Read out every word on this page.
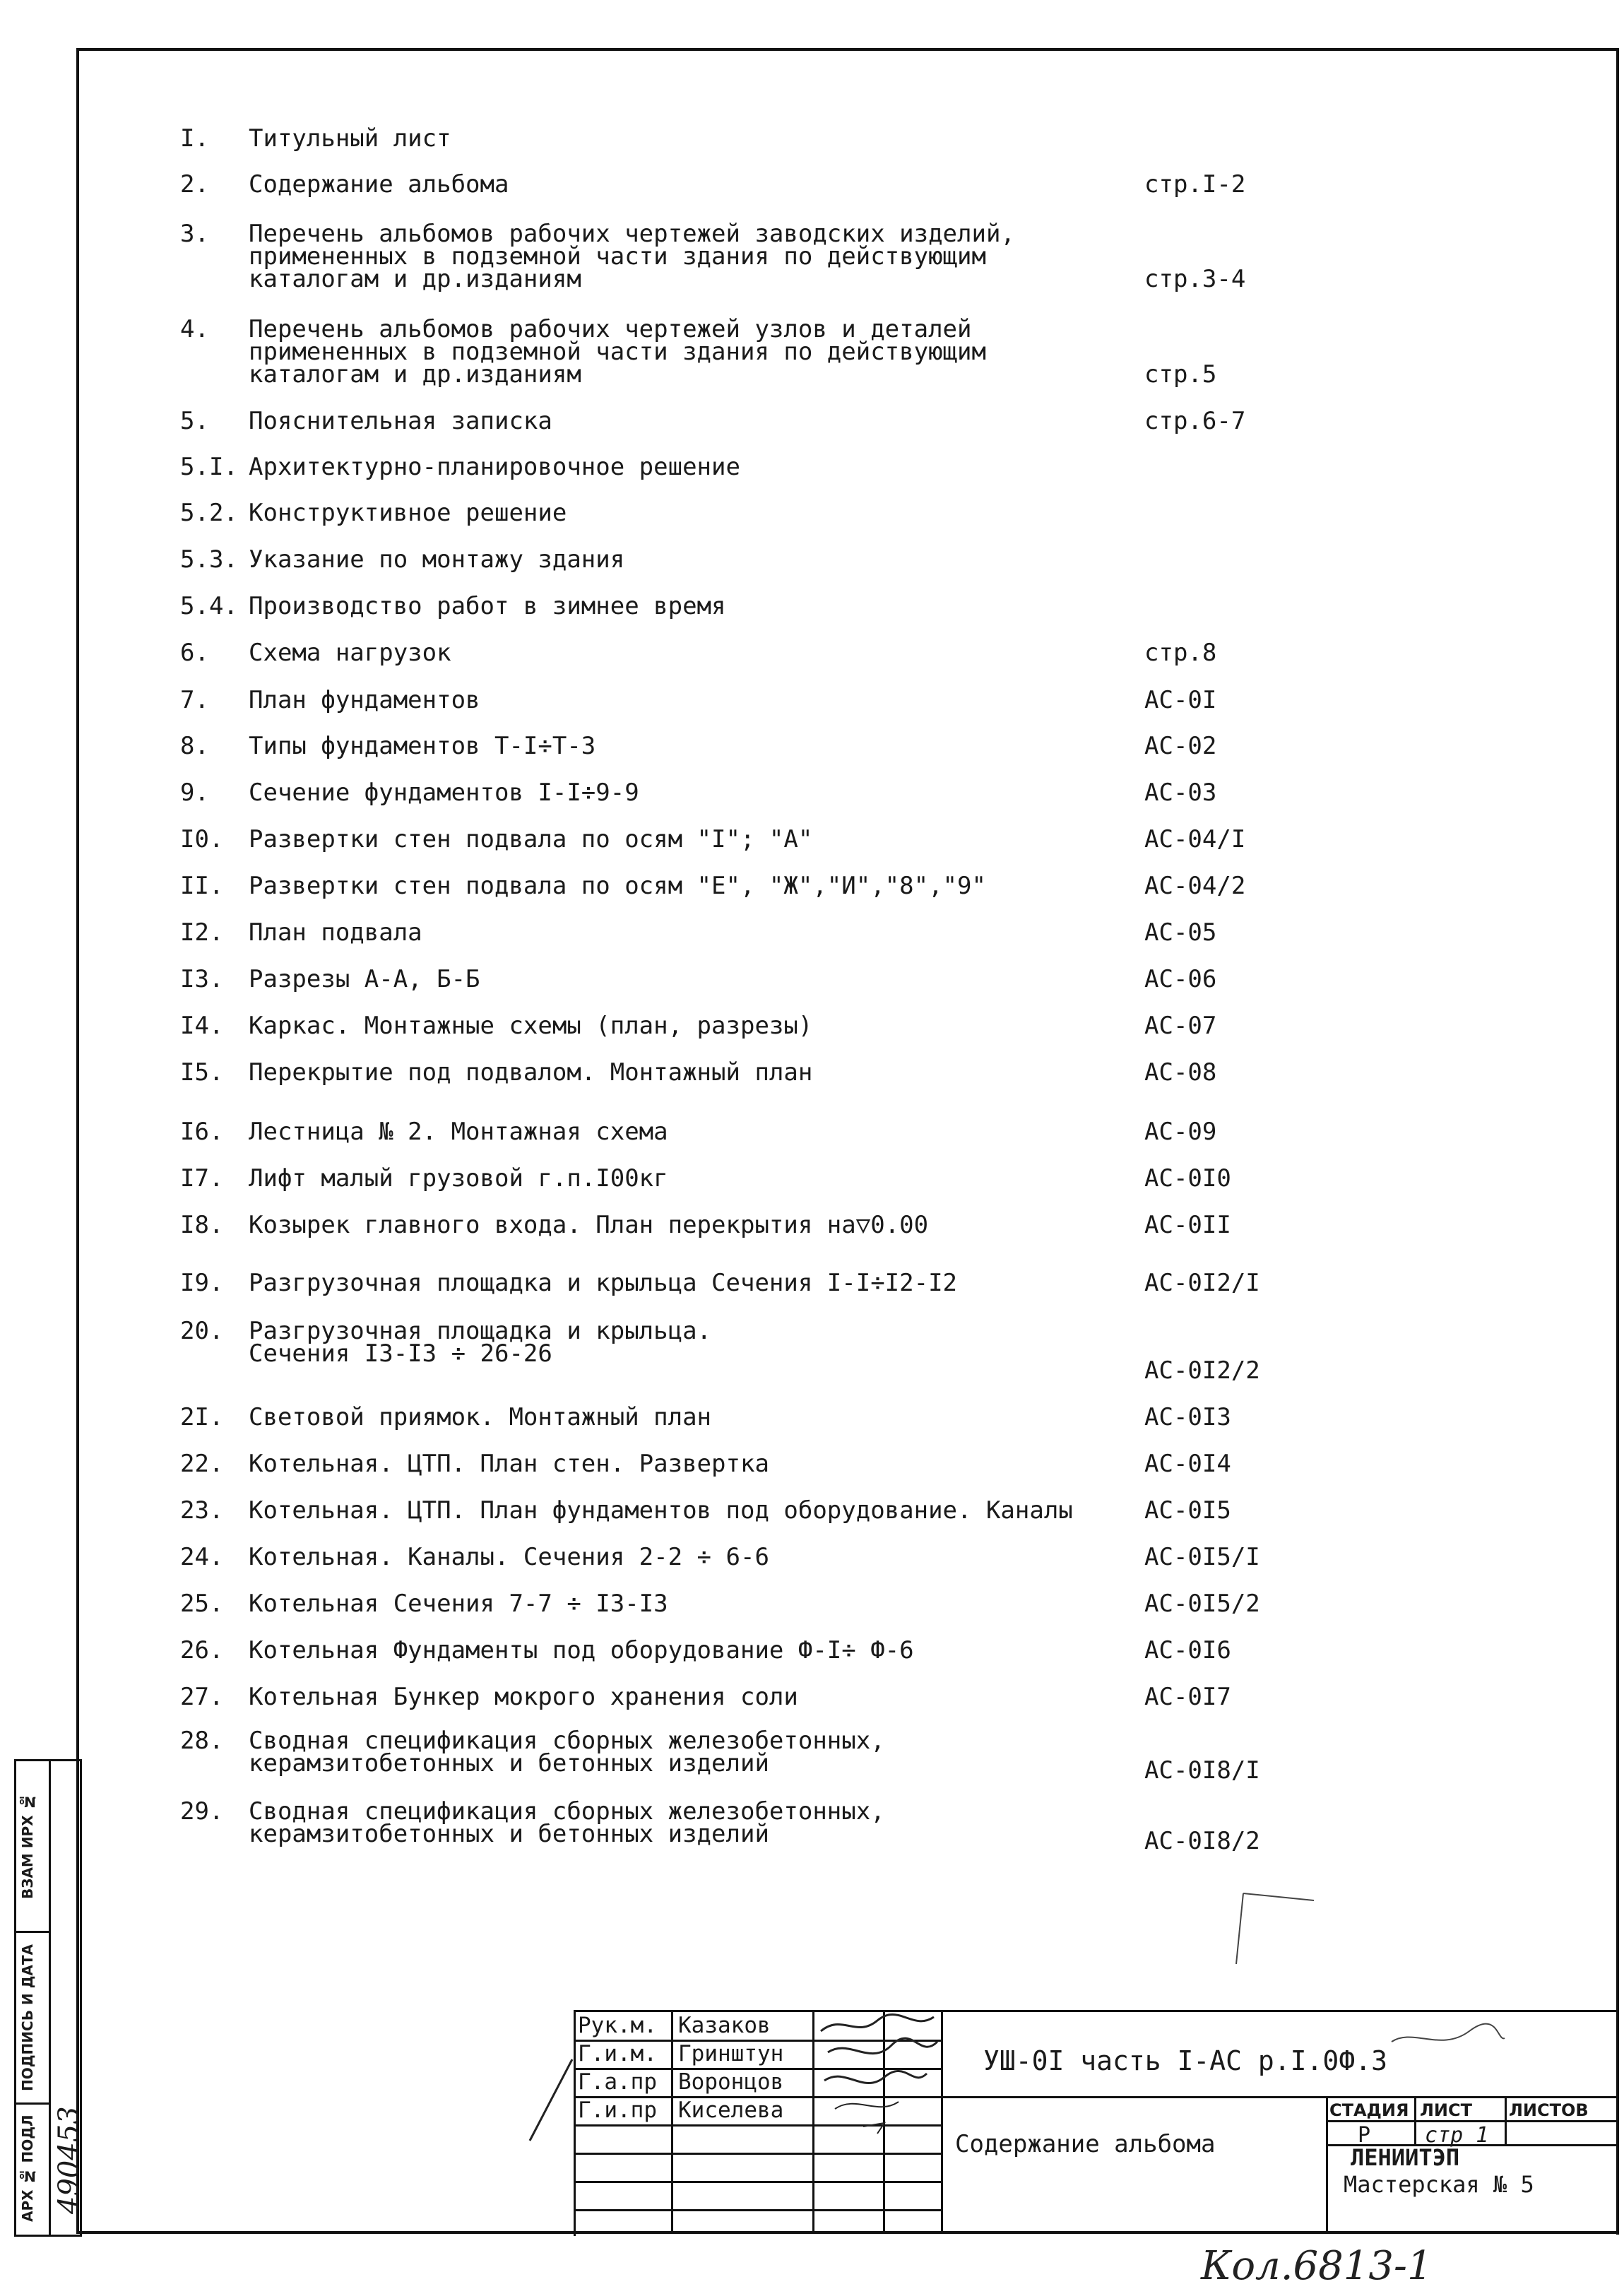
I.	Титульный лист
2.	Содержание альбома	стр.I-2
3.	Перечень альбомов рабочих чертежей заводских изделий,
примененных в подземной части здания по действующим
каталогам и др.изданиям	стр.3-4
4.	Перечень альбомов рабочих чертежей узлов и деталей
примененных в подземной части здания по действующим
каталогам и др.изданиям	стр.5
5.	Пояснительная записка	стр.6-7
5.I. Архитектурно-планировочное решение
5.2. Конструктивное решение
5.3. Указание по монтажу здания
5.4. Производство работ в зимнее время
6.	Схема нагрузок	стр.8
7.	План фундаментов	АС-0I
8.	Типы фундаментов Т-I÷Т-3	АС-02
9.	Сечение фундаментов I-I÷9-9	АС-03
I0.	Развертки стен подвала по осям "I"; "А"	АС-04/I
II.	Развертки стен подвала по осям "Е", "Ж","И","8","9"	АС-04/2
I2.	План подвала	АС-05
I3.	Разрезы А-А, Б-Б	АС-06
I4.	Каркас. Монтажные схемы (план, разрезы)	АС-07
I5.	Перекрытие под подвалом. Монтажный план	АС-08
I6.	Лестница № 2. Монтажная схема	АС-09
I7.	Лифт малый грузовой г.п.I00кг	АС-0I0
I8.	Козырек главного входа. План перекрытия на▽0.00	АС-0II
I9.	Разгрузочная площадка и крыльца Сечения I-I÷I2-I2	АС-0I2/I
20.	Разгрузочная площадка и крыльца.
Сечения I3-I3 ÷ 26-26
АС-0I2/2
2I.	Световой приямок. Монтажный план	АС-0I3
22.	Котельная. ЦТП. План стен. Развертка	АС-0I4
23.	Котельная. ЦТП. План фундаментов под оборудование. Каналы	АС-0I5
24.	Котельная. Каналы. Сечения 2-2 ÷ 6-6	АС-0I5/I
25.	Котельная Сечения 7-7 ÷ I3-I3	АС-0I5/2
26.	Котельная Фундаменты под оборудование Ф-I÷ Ф-6	АС-0I6
27.	Котельная Бункер мокрого хранения соли	АС-0I7
28.	Сводная спецификация сборных железобетонных,
керамзитобетонных и бетонных изделий	АС-0I8/I
29.	Сводная спецификация сборных железобетонных,
керамзитобетонных и бетонных изделий	АС-0I8/2
ВЗАМ ИРХ №
ПОДПИСЬ И ДАТА
АРХ № ПОДЛ 490453
Рук.м. Казаков
Г.и.м. Гринштун
Г.а.пр Воронцов
Г.и.пр Киселева
УШ-0I часть I-АС р.I.0Ф.3
Содержание альбома
СТАДИЯ ЛИСТ ЛИСТОВ
Р	стр 1
ЛЕНИИТЭП
Мастерская № 5
Кол.6813-1
